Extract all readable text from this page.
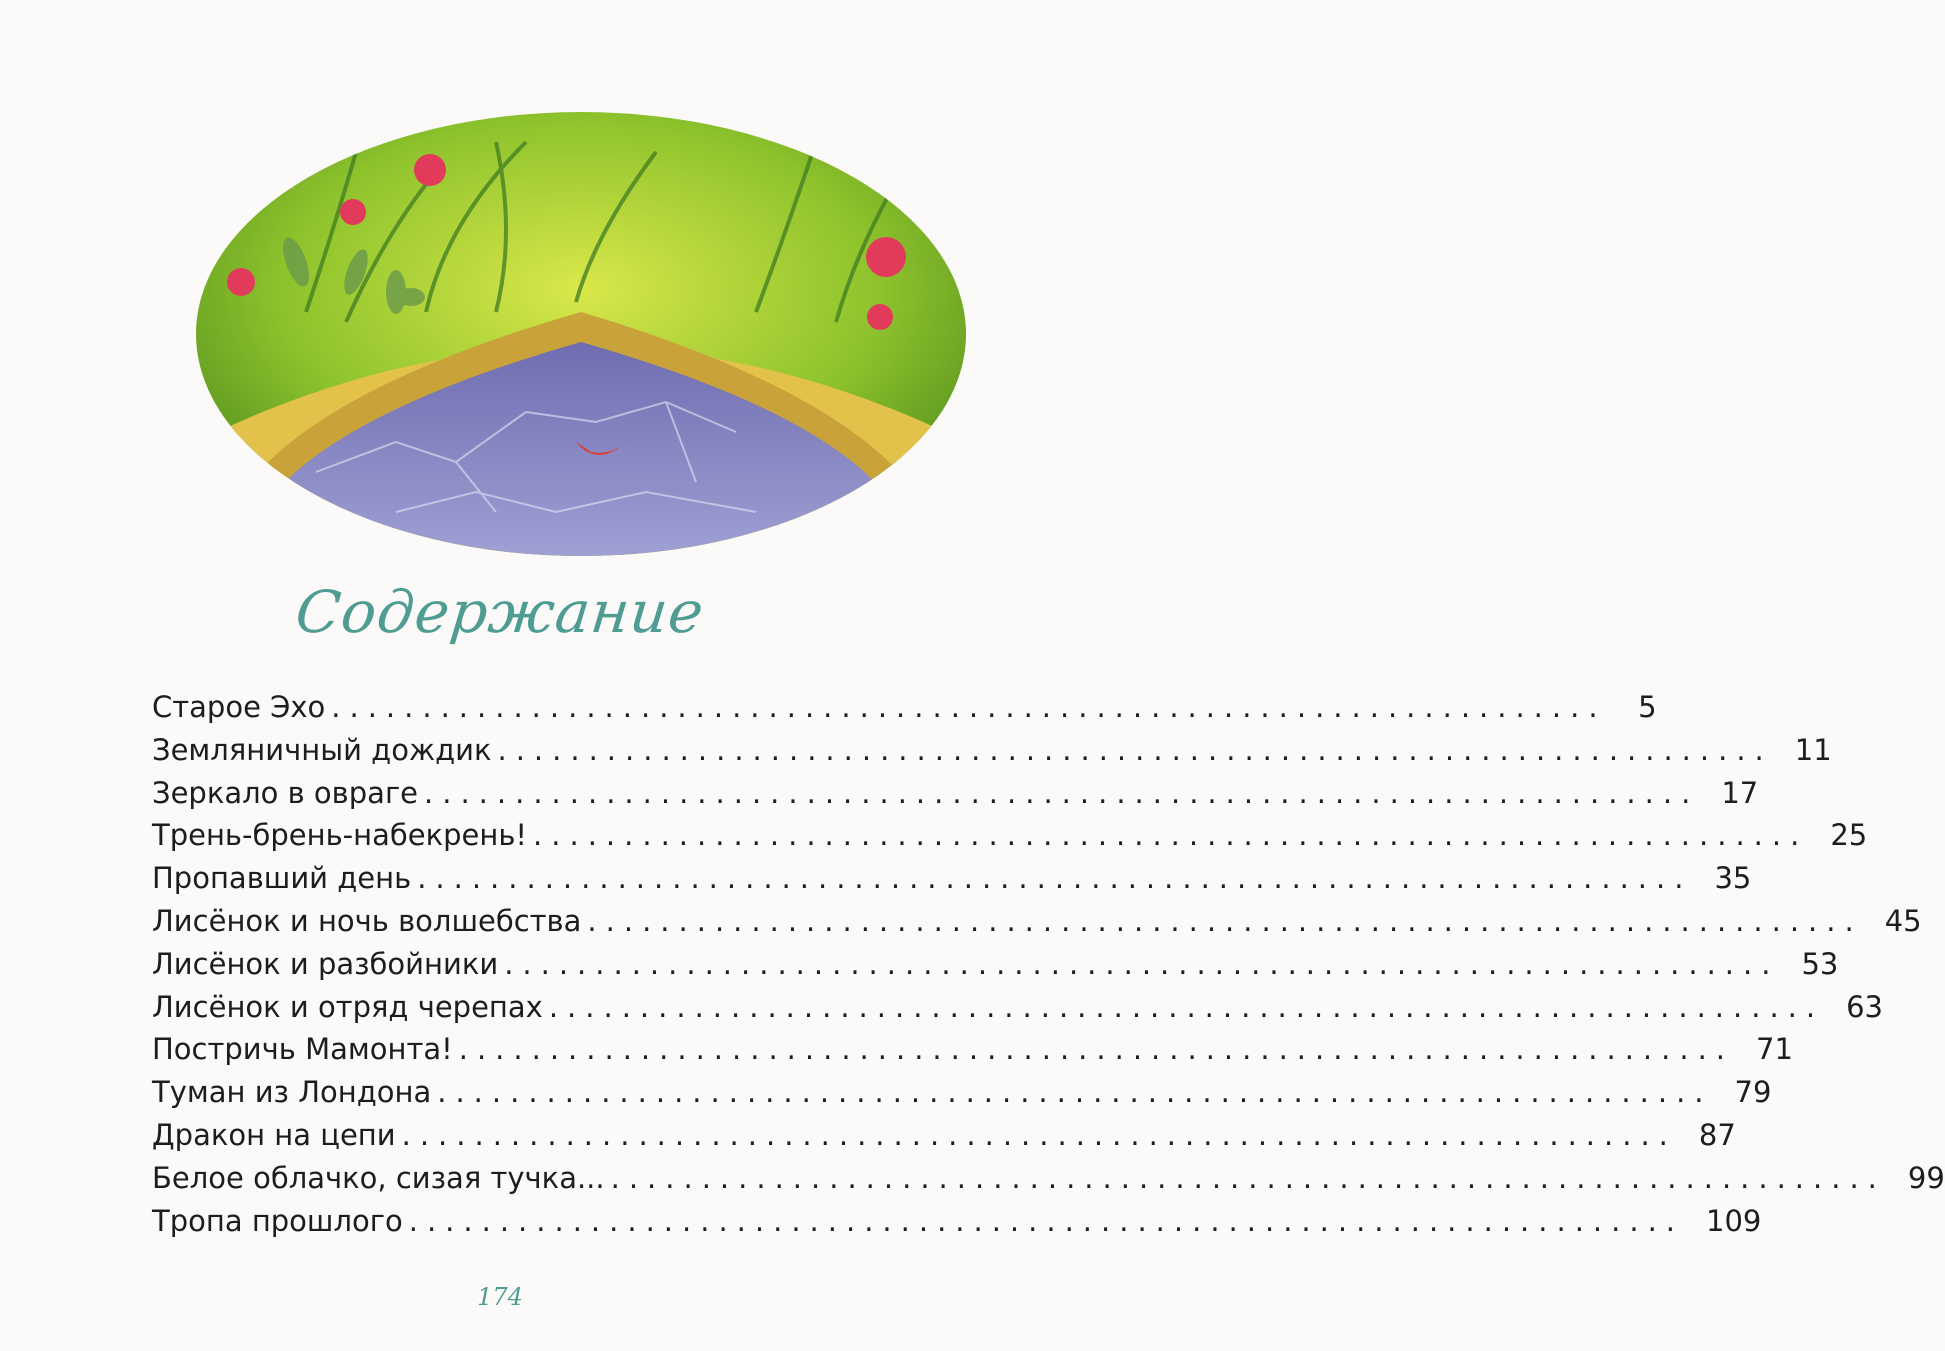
Содержание
Старое Эхо ......................................................................	5
Земляничный дождик ...................................................................... 11
Зеркало в овраге ...................................................................... 17
Трень-брень-набекрень! ...................................................................... 25
Пропавший день ...................................................................... 35
Лисёнок и ночь волшебства ...................................................................... 45
Лисёнок и разбойники ...................................................................... 53
Лисёнок и отряд черепах ...................................................................... 63
Постричь Мамонта! ...................................................................... 71
Туман из Лондона ...................................................................... 79
Дракон на цепи ...................................................................... 87
Белое облачко, сизая тучка... ...................................................................... 99
Тропа прошлого ...................................................................... 109
174
